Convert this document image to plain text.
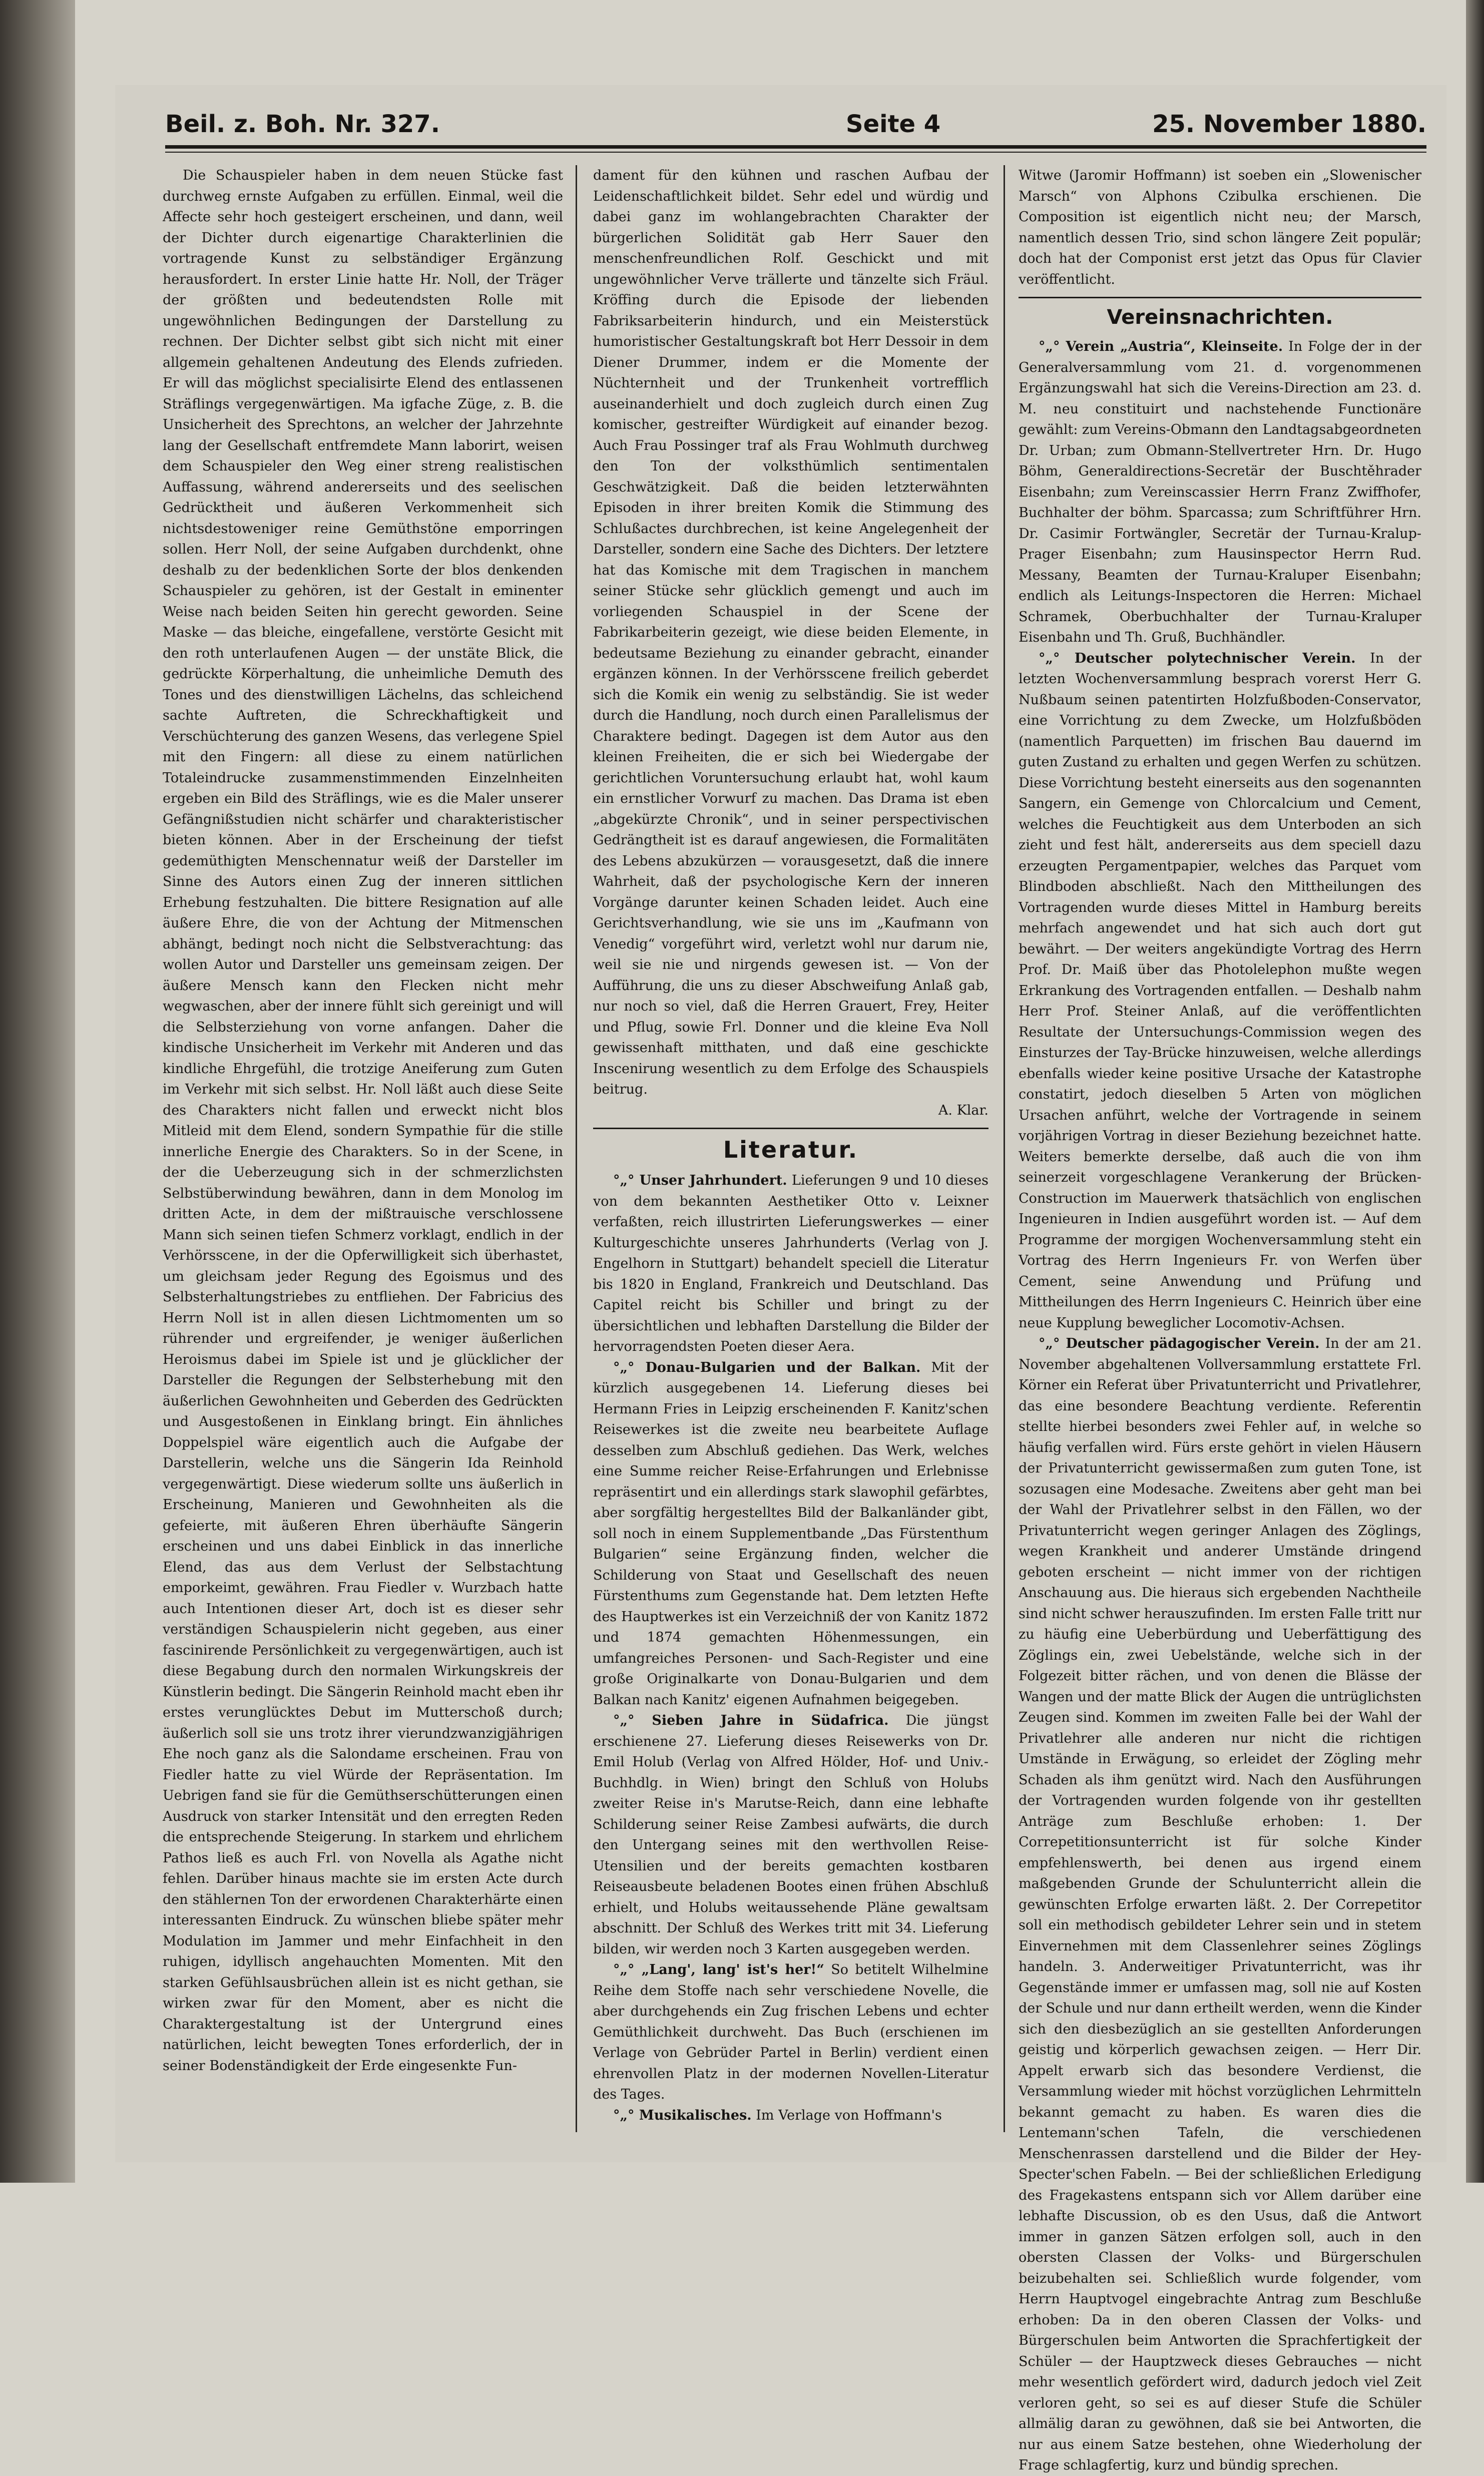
Beil. z. Boh. Nr. 327.	Seite 4	25. November 1880.

Die Schauspieler haben in dem neuen Stücke fast durchweg ernste Aufgaben zu erfüllen. Einmal, weil die Affecte sehr hoch gesteigert erscheinen, und dann, weil der Dichter durch eigenartige Charakterlinien die vortragende Kunst zu selbständiger Ergänzung herausfordert. In erster Linie hatte Hr. Noll, der Träger der größten und bedeutendsten Rolle mit ungewöhnlichen Bedingungen der Darstellung zu rechnen. Der Dichter selbst gibt sich nicht mit einer allgemein gehaltenen Andeutung des Elends zufrieden. Er will das möglichst specialisirte Elend des entlassenen Sträflings vergegenwärtigen. Ma igfache Züge, z. B. die Unsicherheit des Sprechtons, an welcher der Jahrzehnte lang der Gesellschaft entfremdete Mann laborirt, weisen dem Schauspieler den Weg einer streng realistischen Auffassung, während andererseits und des seelischen Gedrücktheit und äußeren Verkommenheit sich nichtsdestoweniger reine Gemüthstöne emporringen sollen. Herr Noll, der seine Aufgaben durchdenkt, ohne deshalb zu der bedenklichen Sorte der blos denkenden Schauspieler zu gehören, ist der Gestalt in eminenter Weise nach beiden Seiten hin gerecht geworden. Seine Maske — das bleiche, eingefallene, verstörte Gesicht mit den roth unterlaufenen Augen — der unstäte Blick, die gedrückte Körperhaltung, die unheimliche Demuth des Tones und des dienstwilligen Lächelns, das schleichend sachte Auftreten, die Schreckhaftigkeit und Verschüchterung des ganzen Wesens, das verlegene Spiel mit den Fingern: all diese zu einem natürlichen Totaleindrucke zusammenstimmenden Einzelnheiten ergeben ein Bild des Sträflings, wie es die Maler unserer Gefängnißstudien nicht schärfer und charakteristischer bieten können. Aber in der Erscheinung der tiefst gedemüthigten Menschennatur weiß der Darsteller im Sinne des Autors einen Zug der inneren sittlichen Erhebung festzuhalten. Die bittere Resignation auf alle äußere Ehre, die von der Achtung der Mitmenschen abhängt, bedingt noch nicht die Selbstverachtung: das wollen Autor und Darsteller uns gemeinsam zeigen. Der äußere Mensch kann den Flecken nicht mehr wegwaschen, aber der innere fühlt sich gereinigt und will die Selbsterziehung von vorne anfangen. Daher die kindische Unsicherheit im Verkehr mit Anderen und das kindliche Ehrgefühl, die trotzige Aneiferung zum Guten im Verkehr mit sich selbst. Hr. Noll läßt auch diese Seite des Charakters nicht fallen und erweckt nicht blos Mitleid mit dem Elend, sondern Sympathie für die stille innerliche Energie des Charakters. So in der Scene, in der die Ueberzeugung sich in der schmerzlichsten Selbstüberwindung bewähren, dann in dem Monolog im dritten Acte, in dem der mißtrauische verschlossene Mann sich seinen tiefen Schmerz vorklagt, endlich in der Verhörsscene, in der die Opferwilligkeit sich überhastet, um gleichsam jeder Regung des Egoismus und des Selbsterhaltungstriebes zu entfliehen. Der Fabricius des Herrn Noll ist in allen diesen Lichtmomenten um so rührender und ergreifender, je weniger äußerlichen Heroismus dabei im Spiele ist und je glücklicher der Darsteller die Regungen der Selbsterhebung mit den äußerlichen Gewohnheiten und Geberden des Gedrückten und Ausgestoßenen in Einklang bringt. Ein ähnliches Doppelspiel wäre eigentlich auch die Aufgabe der Darstellerin, welche uns die Sängerin Ida Reinhold vergegenwärtigt. Diese wiederum sollte uns äußerlich in Erscheinung, Manieren und Gewohnheiten als die gefeierte, mit äußeren Ehren überhäufte Sängerin erscheinen und uns dabei Einblick in das innerliche Elend, das aus dem Verlust der Selbstachtung emporkeimt, gewähren. Frau Fiedler v. Wurzbach hatte auch Intentionen dieser Art, doch ist es dieser sehr verständigen Schauspielerin nicht gegeben, aus einer fascinirende Persönlichkeit zu vergegenwärtigen, auch ist diese Begabung durch den normalen Wirkungskreis der Künstlerin bedingt. Die Sängerin Reinhold macht eben ihr erstes verunglücktes Debut im Mutterschoß durch; äußerlich soll sie uns trotz ihrer vierundzwanzigjährigen Ehe noch ganz als die Salondame erscheinen. Frau von Fiedler hatte zu viel Würde der Repräsentation. Im Uebrigen fand sie für die Gemüthserschütterungen einen Ausdruck von starker Intensität und den erregten Reden die entsprechende Steigerung. In starkem und ehrlichem Pathos ließ es auch Frl. von Novella als Agathe nicht fehlen. Darüber hinaus machte sie im ersten Acte durch den stählernen Ton der erwordenen Charakterhärte einen interessanten Eindruck. Zu wünschen bliebe später mehr Modulation im Jammer und mehr Einfachheit in den ruhigen, idyllisch angehauchten Momenten. Mit den starken Gefühlsausbrüchen allein ist es nicht gethan, sie wirken zwar für den Moment, aber es nicht die Charaktergestaltung ist der Untergrund eines natürlichen, leicht bewegten Tones erforderlich, der in seiner Bodenständigkeit der Erde eingesenkte Fun-

dament für den kühnen und raschen Aufbau der Leidenschaftlichkeit bildet. Sehr edel und würdig und dabei ganz im wohlangebrachten Charakter der bürgerlichen Solidität gab Herr Sauer den menschenfreundlichen Rolf. Geschickt und mit ungewöhnlicher Verve trällerte und tänzelte sich Fräul. Kröffing durch die Episode der liebenden Fabriksarbeiterin hindurch, und ein Meisterstück humoristischer Gestaltungskraft bot Herr Dessoir in dem Diener Drummer, indem er die Momente der Nüchternheit und der Trunkenheit vortrefflich auseinanderhielt und doch zugleich durch einen Zug komischer, gestreifter Würdigkeit auf einander bezog. Auch Frau Possinger traf als Frau Wohlmuth durchweg den Ton der volksthümlich sentimentalen Geschwätzigkeit. Daß die beiden letzterwähnten Episoden in ihrer breiten Komik die Stimmung des Schlußactes durchbrechen, ist keine Angelegenheit der Darsteller, sondern eine Sache des Dichters. Der letztere hat das Komische mit dem Tragischen in manchem seiner Stücke sehr glücklich gemengt und auch im vorliegenden Schauspiel in der Scene der Fabrikarbeiterin gezeigt, wie diese beiden Elemente, in bedeutsame Beziehung zu einander gebracht, einander ergänzen können. In der Verhörsscene freilich geberdet sich die Komik ein wenig zu selbständig. Sie ist weder durch die Handlung, noch durch einen Parallelismus der Charaktere bedingt. Dagegen ist dem Autor aus den kleinen Freiheiten, die er sich bei Wiedergabe der gerichtlichen Voruntersuchung erlaubt hat, wohl kaum ein ernstlicher Vorwurf zu machen. Das Drama ist eben „abgekürzte Chronik“, und in seiner perspectivischen Gedrängtheit ist es darauf angewiesen, die Formalitäten des Lebens abzukürzen — vorausgesetzt, daß die innere Wahrheit, daß der psychologische Kern der inneren Vorgänge darunter keinen Schaden leidet. Auch eine Gerichtsverhandlung, wie sie uns im „Kaufmann von Venedig“ vorgeführt wird, verletzt wohl nur darum nie, weil sie nie und nirgends gewesen ist. — Von der Aufführung, die uns zu dieser Abschweifung Anlaß gab, nur noch so viel, daß die Herren Grauert, Frey, Heiter und Pflug, sowie Frl. Donner und die kleine Eva Noll gewissenhaft mitthaten, und daß eine geschickte Inscenirung wesentlich zu dem Erfolge des Schauspiels beitrug.

A. Klar.
Literatur.

°„° Unser Jahrhundert. Lieferungen 9 und 10 dieses von dem bekannten Aesthetiker Otto v. Leixner verfaßten, reich illustrirten Lieferungswerkes — einer Kulturgeschichte unseres Jahrhunderts (Verlag von J. Engelhorn in Stuttgart) behandelt speciell die Literatur bis 1820 in England, Frankreich und Deutschland. Das Capitel reicht bis Schiller und bringt zu der übersichtlichen und lebhaften Darstellung die Bilder der hervorragendsten Poeten dieser Aera.

°„° Donau-Bulgarien und der Balkan. Mit der kürzlich ausgegebenen 14. Lieferung dieses bei Hermann Fries in Leipzig erscheinenden F. Kanitz'schen Reisewerkes ist die zweite neu bearbeitete Auflage desselben zum Abschluß gediehen. Das Werk, welches eine Summe reicher Reise-Erfahrungen und Erlebnisse repräsentirt und ein allerdings stark slawophil gefärbtes, aber sorgfältig hergestelltes Bild der Balkanländer gibt, soll noch in einem Supplementbande „Das Fürstenthum Bulgarien“ seine Ergänzung finden, welcher die Schilderung von Staat und Gesellschaft des neuen Fürstenthums zum Gegenstande hat. Dem letzten Hefte des Hauptwerkes ist ein Verzeichniß der von Kanitz 1872 und 1874 gemachten Höhenmessungen, ein umfangreiches Personen- und Sach-Register und eine große Originalkarte von Donau-Bulgarien und dem Balkan nach Kanitz' eigenen Aufnahmen beigegeben.

°„° Sieben Jahre in Südafrica. Die jüngst erschienene 27. Lieferung dieses Reisewerks von Dr. Emil Holub (Verlag von Alfred Hölder, Hof- und Univ.-Buchhdlg. in Wien) bringt den Schluß von Holubs zweiter Reise in's Marutse-Reich, dann eine lebhafte Schilderung seiner Reise Zambesi aufwärts, die durch den Untergang seines mit den werthvollen Reise-Utensilien und der bereits gemachten kostbaren Reiseausbeute beladenen Bootes einen frühen Abschluß erhielt, und Holubs weitaussehende Pläne gewaltsam abschnitt. Der Schluß des Werkes tritt mit 34. Lieferung bilden, wir werden noch 3 Karten ausgegeben werden.

°„° „Lang', lang' ist's her!“ So betitelt Wilhelmine Reihe dem Stoffe nach sehr verschiedene Novelle, die aber durchgehends ein Zug frischen Lebens und echter Gemüthlichkeit durchweht. Das Buch (erschienen im Verlage von Gebrüder Partel in Berlin) verdient einen ehrenvollen Platz in der modernen Novellen-Literatur des Tages.

°„° Musikalisches. Im Verlage von Hoffmann's

Witwe (Jaromir Hoffmann) ist soeben ein „Slowenischer Marsch“ von Alphons Czibulka erschienen. Die Composition ist eigentlich nicht neu; der Marsch, namentlich dessen Trio, sind schon längere Zeit populär; doch hat der Componist erst jetzt das Opus für Clavier veröffentlicht.

Vereinsnachrichten.

°„° Verein „Austria“, Kleinseite. In Folge der in der Generalversammlung vom 21. d. vorgenommenen Ergänzungswahl hat sich die Vereins-Direction am 23. d. M. neu constituirt und nachstehende Functionäre gewählt: zum Vereins-Obmann den Landtagsabgeordneten Dr. Urban; zum Obmann-Stellvertreter Hrn. Dr. Hugo Böhm, Generaldirections-Secretär der Buschtěhrader Eisenbahn; zum Vereinscassier Herrn Franz Zwiffhofer, Buchhalter der böhm. Sparcassa; zum Schriftführer Hrn. Dr. Casimir Fortwängler, Secretär der Turnau-Kralup-Prager Eisenbahn; zum Hausinspector Herrn Rud. Messany, Beamten der Turnau-Kraluper Eisenbahn; endlich als Leitungs-Inspectoren die Herren: Michael Schramek, Oberbuchhalter der Turnau-Kraluper Eisenbahn und Th. Gruß, Buchhändler.

°„° Deutscher polytechnischer Verein. In der letzten Wochenversammlung besprach vorerst Herr G. Nußbaum seinen patentirten Holzfußboden-Conservator, eine Vorrichtung zu dem Zwecke, um Holzfußböden (namentlich Parquetten) im frischen Bau dauernd im guten Zustand zu erhalten und gegen Werfen zu schützen. Diese Vorrichtung besteht einerseits aus den sogenannten Sangern, ein Gemenge von Chlorcalcium und Cement, welches die Feuchtigkeit aus dem Unterboden an sich zieht und fest hält, andererseits aus dem speciell dazu erzeugten Pergamentpapier, welches das Parquet vom Blindboden abschließt. Nach den Mittheilungen des Vortragenden wurde dieses Mittel in Hamburg bereits mehrfach angewendet und hat sich auch dort gut bewährt. — Der weiters angekündigte Vortrag des Herrn Prof. Dr. Maiß über das Photolelephon mußte wegen Erkrankung des Vortragenden entfallen. — Deshalb nahm Herr Prof. Steiner Anlaß, auf die veröffentlichten Resultate der Untersuchungs-Commission wegen des Einsturzes der Tay-Brücke hinzuweisen, welche allerdings ebenfalls wieder keine positive Ursache der Katastrophe constatirt, jedoch dieselben 5 Arten von möglichen Ursachen anführt, welche der Vortragende in seinem vorjährigen Vortrag in dieser Beziehung bezeichnet hatte. Weiters bemerkte derselbe, daß auch die von ihm seinerzeit vorgeschlagene Verankerung der Brücken-Construction im Mauerwerk thatsächlich von englischen Ingenieuren in Indien ausgeführt worden ist. — Auf dem Programme der morgigen Wochenversammlung steht ein Vortrag des Herrn Ingenieurs Fr. von Werfen über Cement, seine Anwendung und Prüfung und Mittheilungen des Herrn Ingenieurs C. Heinrich über eine neue Kupplung beweglicher Locomotiv-Achsen.

°„° Deutscher pädagogischer Verein. In der am 21. November abgehaltenen Vollversammlung erstattete Frl. Körner ein Referat über Privatunterricht und Privatlehrer, das eine besondere Beachtung verdiente. Referentin stellte hierbei besonders zwei Fehler auf, in welche so häufig verfallen wird. Fürs erste gehört in vielen Häusern der Privatunterricht gewissermaßen zum guten Tone, ist sozusagen eine Modesache. Zweitens aber geht man bei der Wahl der Privatlehrer selbst in den Fällen, wo der Privatunterricht wegen geringer Anlagen des Zöglings, wegen Krankheit und anderer Umstände dringend geboten erscheint — nicht immer von der richtigen Anschauung aus. Die hieraus sich ergebenden Nachtheile sind nicht schwer herauszufinden. Im ersten Falle tritt nur zu häufig eine Ueberbürdung und Ueberfättigung des Zöglings ein, zwei Uebelstände, welche sich in der Folgezeit bitter rächen, und von denen die Blässe der Wangen und der matte Blick der Augen die untrüglichsten Zeugen sind. Kommen im zweiten Falle bei der Wahl der Privatlehrer alle anderen nur nicht die richtigen Umstände in Erwägung, so erleidet der Zögling mehr Schaden als ihm genützt wird. Nach den Ausführungen der Vortragenden wurden folgende von ihr gestellten Anträge zum Beschluße erhoben: 1. Der Correpetitionsunterricht ist für solche Kinder empfehlenswerth, bei denen aus irgend einem maßgebenden Grunde der Schulunterricht allein die gewünschten Erfolge erwarten läßt. 2. Der Correpetitor soll ein methodisch gebildeter Lehrer sein und in stetem Einvernehmen mit dem Classenlehrer seines Zöglings handeln. 3. Anderweitiger Privatunterricht, was ihr Gegenstände immer er umfassen mag, soll nie auf Kosten der Schule und nur dann ertheilt werden, wenn die Kinder sich den diesbezüglich an sie gestellten Anforderungen geistig und körperlich gewachsen zeigen. — Herr Dir. Appelt erwarb sich das besondere Verdienst, die Versammlung wieder mit höchst vorzüglichen Lehrmitteln bekannt gemacht zu haben. Es waren dies die Lentemann'schen Tafeln, die verschiedenen Menschenrassen darstellend und die Bilder der Hey-Specter'schen Fabeln. — Bei der schließlichen Erledigung des Fragekastens entspann sich vor Allem darüber eine lebhafte Discussion, ob es den Usus, daß die Antwort immer in ganzen Sätzen erfolgen soll, auch in den obersten Classen der Volks- und Bürgerschulen beizubehalten sei. Schließlich wurde folgender, vom Herrn Hauptvogel eingebrachte Antrag zum Beschluße erhoben: Da in den oberen Classen der Volks- und Bürgerschulen beim Antworten die Sprachfertigkeit der Schüler — der Hauptzweck dieses Gebrauches — nicht mehr wesentlich gefördert wird, dadurch jedoch viel Zeit verloren geht, so sei es auf dieser Stufe die Schüler allmälig daran zu gewöhnen, daß sie bei Antworten, die nur aus einem Satze bestehen, ohne Wiederholung der Frage schlagfertig, kurz und bündig sprechen.
